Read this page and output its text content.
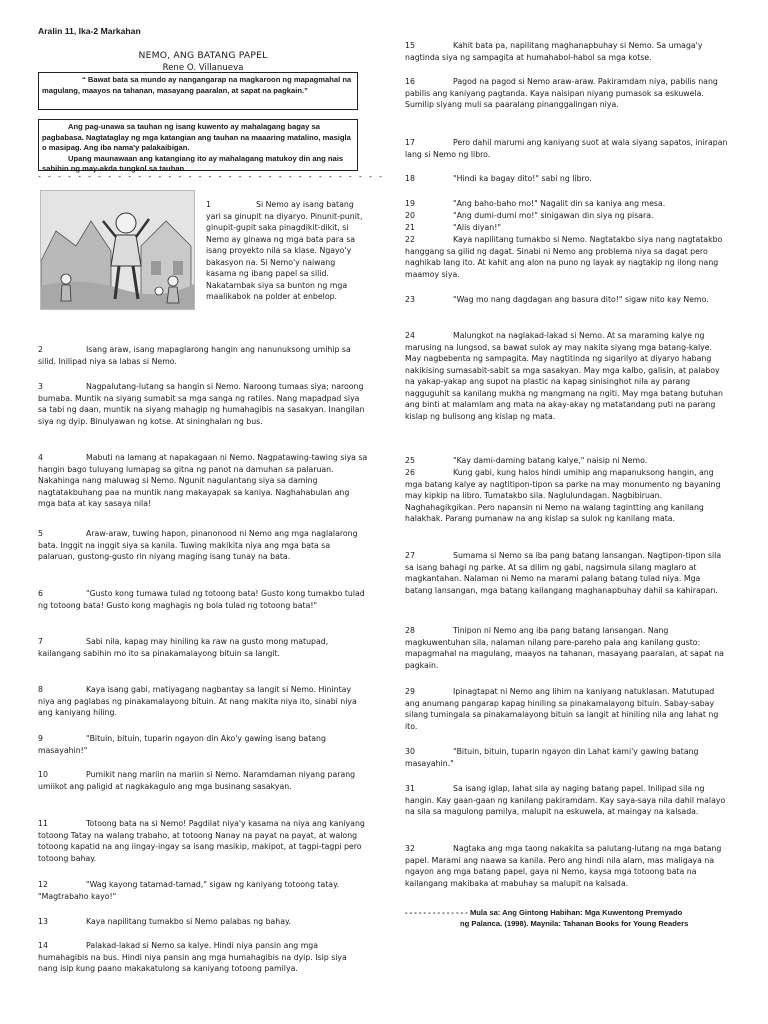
Aralin 11, Ika-2 Markahan
NEMO, ANG BATANG PAPEL
Rene O. Villanueva

“ Bawat bata sa mundo ay nangangarap na magkaroon ng mapagmahal na magulang, maayos na tahanan, masayang paaralan, at sapat na pagkain.”

Ang pag-unawa sa tauhan ng isang kuwento ay mahalagang bagay sa pagbabasa. Nagtataglay ng mga katangian ang tauhan na maaaring matalino, masigla o masipag. Ang iba nama'y palakaibigan.

Upang maunawaan ang katangiang ito ay mahalagang matukoy din ang nais sabihin ng may-akda tungkol sa tauhan.

- - - - - - - - - - - - - - - - - - - - - - - - - - - - - - - - - - -
1	Si Nemo ay isang batang yari sa ginupit na diyaryo. Pinunit-punit, ginupit-gupit saka pinagdikit-dikit, si Nemo ay ginawa ng mga bata para sa isang proyekto nila sa klase. Ngayo'y bakasyon na. Si Nemo'y naiwang kasama ng ibang papel sa silid. Nakatambak siya sa bunton ng mga maalikabok na polder at enbelop.

2	Isang araw, isang mapaglarong hangin ang nanunuksong umihip sa silid. Inilipad niya sa labas si Nemo.

3	Nagpalutang-lutang sa hangin si Nemo. Naroong tumaas siya; naroong bumaba. Muntik na siyang sumabit sa mga sanga ng ratiles. Nang mapadpad siya sa tabi ng daan, muntik na siyang mahagip ng humahagibis na sasakyan. Inangilan siya ng dyip. Binulyawan ng kotse. At sininghalan ng bus.

4	Mabuti na lamang at napakagaan ni Nemo. Nagpatawing-tawing siya sa hangin bago tuluyang lumapag sa gitna ng panot na damuhan sa palaruan. Nakahinga nang maluwag si Nemo. Ngunit nagulantang siya sa daming nagtatakbuhang paa na muntik nang makayapak sa kaniya. Naghahabulan ang mga bata at kay sasaya nila!

5	Araw-araw, tuwing hapon, pinanonood ni Nemo ang mga naglalarong bata. Inggit na inggit siya sa kanila. Tuwing makikita niya ang mga bata sa palaruan, gustong-gusto rin niyang maging isang tunay na bata.

6	"Gusto kong tumawa tulad ng totoong bata! Gusto kong tumakbo tulad ng totoong bata! Gusto kong maghagis ng bola tulad ng totoong bata!"

7	Sabi nila, kapag may hiniling ka raw na gusto mong matupad, kailangang sabihin mo ito sa pinakamalayong bituin sa langit.

8	Kaya isang gabi, matiyagang nagbantay sa langit si Nemo. Hinintay niya ang paglabas ng pinakamalayong bituin. At nang makita niya ito, sinabi niya ang kaniyang hiling.

9	"Bituin, bituin, tuparin ngayon din Ako'y gawing isang batang masayahin!"

10	Pumikit nang mariin na mariin si Nemo. Naramdaman niyang parang umiikot ang paligid at nagkakagulo ang mga businang sasakyan.

11	Totoong bata na si Nemo! Pagdilat niya'y kasama na niya ang kaniyang totoong Tatay na walang trabaho, at totoong Nanay na payat na payat, at walong totoong kapatid na ang iingay-ingay sa isang masikip, makipot, at tagpi-tagpi pero totoong bahay.

12	"Wag kayong tatamad-tamad," sigaw ng kaniyang totoong tatay. "Magtrabaho kayo!"

13	Kaya napilitang tumakbo si Nemo palabas ng bahay.

14	Palakad-lakad si Nemo sa kalye. Hindi niya pansin ang mga humahagibis na bus. Hindi niya pansin ang mga humahagibis na dyip. Isip siya nang isip kung paano makakatulong sa kaniyang totoong pamilya.

15	Kahit bata pa, napilitang maghanapbuhay si Nemo. Sa umaga'y nagtinda siya ng sampagita at humahabol-habol sa mga kotse.

16	Pagod na pagod si Nemo araw-araw. Pakiramdam niya, pabilis nang pabilis ang kaniyang pagtanda. Kaya naisipan niyang pumasok sa eskuwela. Sumilip siyang muli sa paaralang pinanggalingan niya.

17	Pero dahil marumi ang kaniyang suot at wala siyang sapatos, inirapan lang si Nemo ng libro.

18	"Hindi ka bagay dito!" sabi ng libro.

19	"Ang baho-baho mo!" Nagalit din sa kaniya ang mesa.

20	"Ang dumi-dumi mo!" sinigawan din siya ng pisara.

21	"Alis diyan!"

22	Kaya napilitang tumakbo si Nemo. Nagtatakbo siya nang nagtatakbo hanggang sa gilid ng dagat. Sinabi ni Nemo ang problema niya sa dagat pero naghikab lang ito. At kahit ang alon na puno ng layak ay nagtakip ng ilong nang maamoy siya.

23	"Wag mo nang dagdagan ang basura dito!" sigaw nito kay Nemo.

24	Malungkot na naglakad-lakad si Nemo. At sa maraming kalye ng marusing na lungsod, sa bawat sulok ay may nakita siyang mga batang-kalye. May nagbebenta ng sampagita. May nagtitinda ng sigarilyo at diyaryo habang nakikising sumasabit-sabit sa mga sasakyan. May mga kalbo, galisin, at palaboy na yakap-yakap ang supot na plastic na kapag sinisinghot nila ay parang nagguguhit sa kanilang mukha ng mangmang na ngiti. May mga batang butuhan ang binti at malamlam ang mata na akay-akay ng matatandang puti na parang kislap ng bulisong ang kislap ng mata.

25	"Kay dami-daming batang kalye," naisip ni Nemo.

26	Kung gabi, kung halos hindi umihip ang mapanuksong hangin, ang mga batang kalye ay nagtitipon-tipon sa parke na may monumento ng bayaning may kipkip na libro. Tumatakbo sila. Naglulundagan. Nagbibiruan. Naghahagikgikan. Pero napansin ni Nemo na walang tagintting ang kanilang halakhak. Parang pumanaw na ang kislap sa sulok ng kanilang mata.

27	Sumama si Nemo sa iba pang batang lansangan. Nagtipon-tipon sila sa isang bahagi ng parke. At sa dilim ng gabi, nagsimula silang maglaro at magkantahan. Nalaman ni Nemo na marami palang batang tulad niya. Mga batang lansangan, mga batang kailangang maghanapbuhay dahil sa kahirapan.

28	Tinipon ni Nemo ang iba pang batang lansangan. Nang magkuwentuhan sila, nalaman nilang pare-pareho pala ang kanilang gusto: mapagmahal na magulang, maayos na tahanan, masayang paaralan, at sapat na pagkain.

29	Ipinagtapat ni Nemo ang lihim na kaniyang natuklasan. Matutupad ang anumang pangarap kapag hiniling sa pinakamalayong bituin. Sabay-sabay silang tumingala sa pinakamalayong bituin sa langit at hiniling nila ang lahat ng ito.

30	"Bituin, bituin, tuparin ngayon din Lahat kami'y gawing batang masayahin."

31	Sa isang iglap, lahat sila ay naging batang papel. Inilipad sila ng hangin. Kay gaan-gaan ng kanilang pakiramdam. Kay saya-saya nila dahil malayo na sila sa magulong pamilya, malupit na eskuwela, at maingay na kalsada.

32	Nagtaka ang mga taong nakakita sa palutang-lutang na mga batang papel. Marami ang naawa sa kanila. Pero ang hindi nila alam, mas maligaya na ngayon ang mga batang papel, gaya ni Nemo, kaysa mga totoong bata na kailangang makibaka at mabuhay sa malupit na kalsada.

- - - - - - - - - - - - - - Mula sa: Ang Gintong Habihan: Mga Kuwentong Premyado
ng Palanca. (1998). Maynila: Tahanan Books for Young Readers
